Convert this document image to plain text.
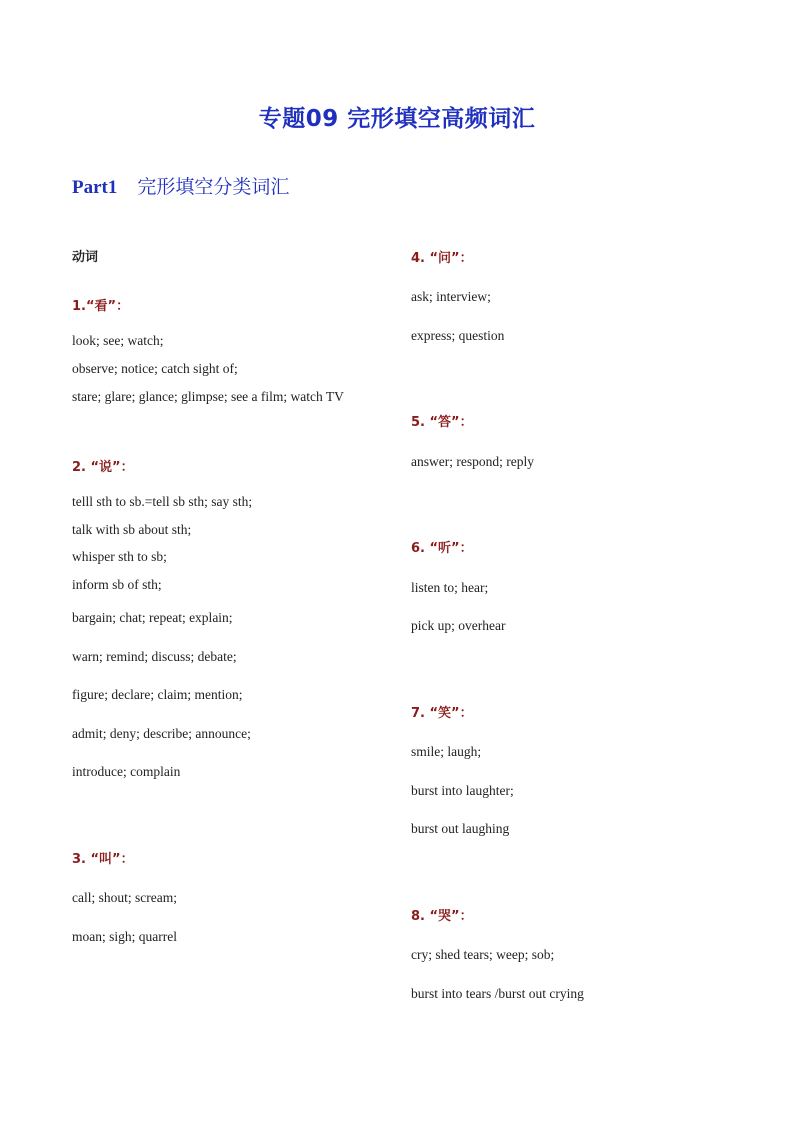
专题09 完形填空高频词汇
Part1 完形填空分类词汇
动词
1.“看”：
look; see; watch;
observe; notice; catch sight of;
stare; glare; glance; glimpse; see a film; watch TV
2. “说”：
telll sth to sb.=tell sb sth; say sth;
talk with sb about sth;
whisper sth to sb;
inform sb of sth;
bargain; chat; repeat; explain;
warn; remind; discuss; debate;
figure; declare; claim; mention;
admit; deny; describe; announce;
introduce; complain
3. “叫”：
call; shout; scream;
moan; sigh; quarrel
4. “问”：
ask; interview;
express; question
5. “答”：
answer; respond; reply
6. “听”：
listen to; hear;
pick up; overhear
7. “笑”：
smile; laugh;
burst into laughter;
burst out laughing
8. “哭”：
cry; shed tears; weep; sob;
burst into tears /burst out crying
